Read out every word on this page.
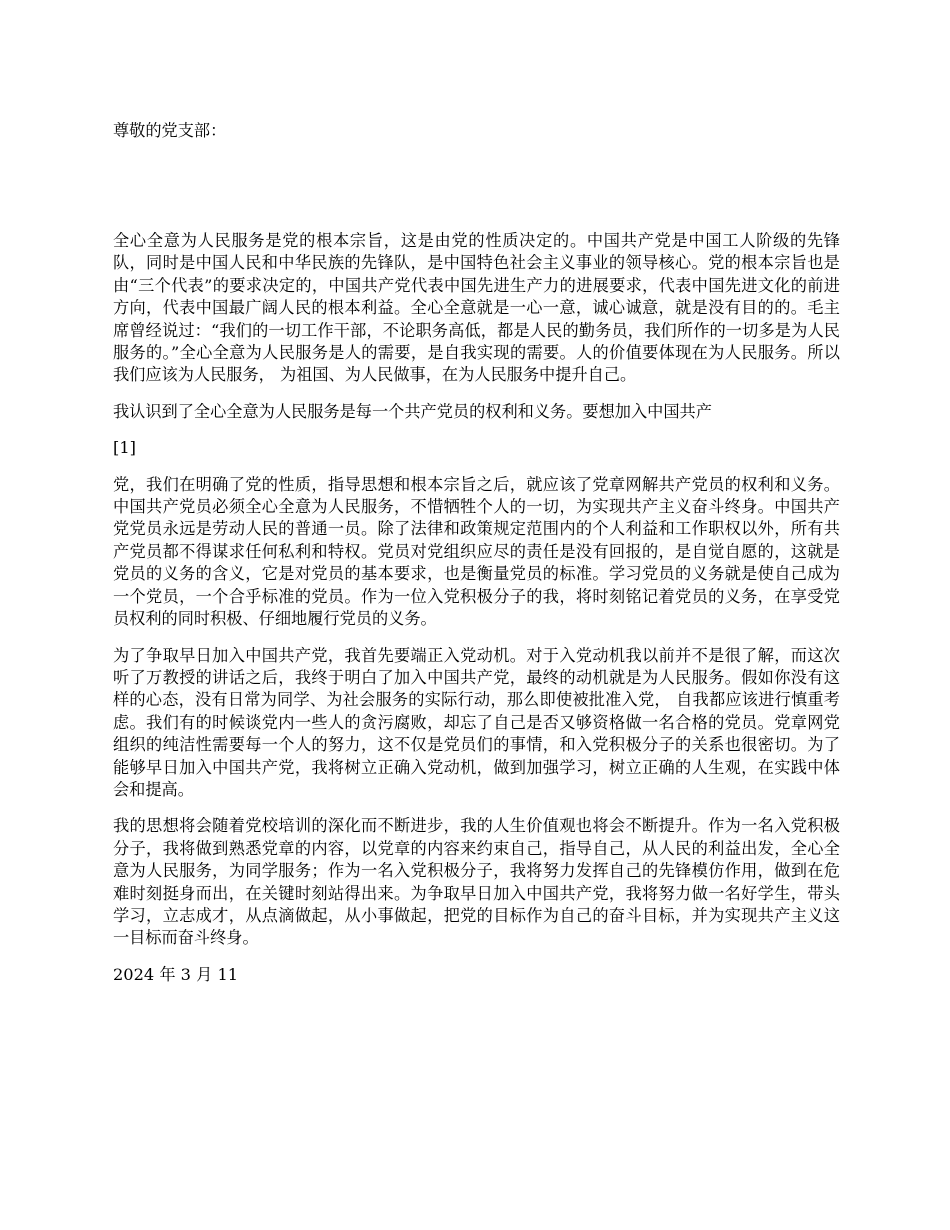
尊敬的党支部：

全心全意为人民服务是党的根本宗旨，这是由党的性质决定的。中国共产党是中国工人阶级的先锋队，同时是中国人民和中华民族的先锋队，是中国特色社会主义事业的领导核心。党的根本宗旨也是由“三个代表”的要求决定的，中国共产党代表中国先进生产力的进展要求，代表中国先进文化的前进方向，代表中国最广阔人民的根本利益。全心全意就是一心一意，诚心诚意，就是没有目的的。毛主席曾经说过：“我们的一切工作干部，不论职务高低，都是人民的勤务员，我们所作的一切多是为人民服务的。”全心全意为人民服务是人的需要，是自我实现的需要。人的价值要体现在为人民服务。所以我们应该为人民服务， 为祖国、为人民做事，在为人民服务中提升自己。

我认识到了全心全意为人民服务是每一个共产党员的权利和义务。要想加入中国共产

[1]

党，我们在明确了党的性质，指导思想和根本宗旨之后，就应该了党章网解共产党员的权利和义务。中国共产党员必须全心全意为人民服务，不惜牺牲个人的一切，为实现共产主义奋斗终身。中国共产党党员永远是劳动人民的普通一员。除了法律和政策规定范围内的个人利益和工作职权以外，所有共产党员都不得谋求任何私利和特权。党员对党组织应尽的责任是没有回报的，是自觉自愿的，这就是党员的义务的含义，它是对党员的基本要求，也是衡量党员的标准。学习党员的义务就是使自己成为一个党员，一个合乎标准的党员。作为一位入党积极分子的我，将时刻铭记着党员的义务，在享受党员权利的同时积极、仔细地履行党员的义务。

为了争取早日加入中国共产党，我首先要端正入党动机。对于入党动机我以前并不是很了解，而这次听了万教授的讲话之后，我终于明白了加入中国共产党，最终的动机就是为人民服务。假如你没有这样的心态，没有日常为同学、为社会服务的实际行动，那么即使被批准入党， 自我都应该进行慎重考虑。我们有的时候谈党内一些人的贪污腐败，却忘了自己是否又够资格做一名合格的党员。党章网党组织的纯洁性需要每一个人的努力，这不仅是党员们的事情，和入党积极分子的关系也很密切。为了能够早日加入中国共产党，我将树立正确入党动机，做到加强学习，树立正确的人生观，在实践中体会和提高。

我的思想将会随着党校培训的深化而不断进步，我的人生价值观也将会不断提升。作为一名入党积极分子，我将做到熟悉党章的内容，以党章的内容来约束自己，指导自己，从人民的利益出发，全心全意为人民服务，为同学服务；作为一名入党积极分子，我将努力发挥自己的先锋模仿作用，做到在危难时刻挺身而出，在关键时刻站得出来。为争取早日加入中国共产党，我将努力做一名好学生，带头学习，立志成才，从点滴做起，从小事做起，把党的目标作为自己的奋斗目标，并为实现共产主义这一目标而奋斗终身。

2024 年 3 月 11
